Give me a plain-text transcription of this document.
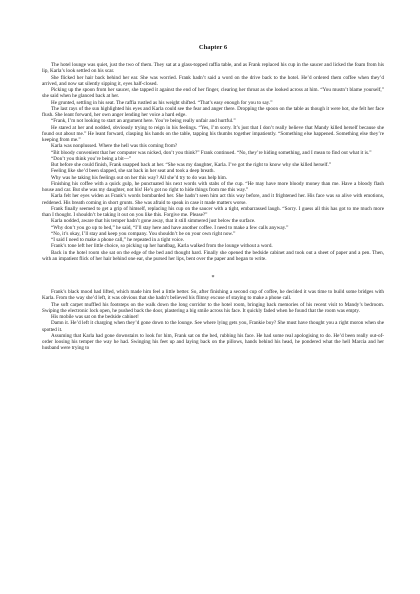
Chapter 6

The hotel lounge was quiet, just the two of them. They sat at a glass-topped raffia table, and as Frank replaced his cup in the saucer and licked the foam from his lip, Karla’s look settled on his scar.

She flicked her hair back behind her ear. She was worried. Frank hadn’t said a word on the drive back to the hotel. He’d ordered them coffee when they’d arrived, and now sat silently sipping it, eyes half-closed.

Picking up the spoon from her saucer, she tapped it against the end of her finger, clearing her throat as she looked across at him. “You mustn’t blame yourself,” she said when he glanced back at her.

He grunted, settling in his seat. The raffia rustled as his weight shifted. “That’s easy enough for you to say.”

The last rays of the sun highlighted his eyes and Karla could see the fear and anger there. Dropping the spoon on the table as though it were hot, she felt her face flush. She leant forward, her own anger lending her voice a hard edge.

“Frank, I’m not looking to start an argument here. You’re being really unfair and hurtful.”

He stared at her and nodded, obviously trying to reign in his feelings. “Yes, I’m sorry. It’s just that I don’t really believe that Mandy killed herself because she found out about me.” He leant forward, clasping his hands on the table, tapping his thumbs together impatiently. “Something else happened. Something else they’re keeping from me.”

Karla was nonplussed. Where the hell was this coming from?

“Bit bloody convenient that her computer was nicked, don’t you think?” Frank continued. “No, they’re hiding something, and I mean to find out what it is.”

“Don’t you think you’re being a bit—”

But before she could finish, Frank snapped back at her. “She was my daughter, Karla. I’ve got the right to know why she killed herself.”

Feeling like she’d been slapped, she sat back in her seat and took a deep breath.

Why was he taking his feelings out on her this way? All she’d try to do was help him.

Finishing his coffee with a quick gulp, he punctuated his next words with stabs of the cup. “He may have more bloody money than me. Have a bloody flash house and car. But she was my daughter, not his! He’s got no right to hide things from me this way.”

Karla felt her eyes widen as Frank’s words bombarded her. She hadn’t seen him act this way before, and it frightened her. His face was so alive with emotions, reddened. His breath coming in short grunts. She was afraid to speak in case it made matters worse.

Frank finally seemed to get a grip of himself, replacing his cup on the saucer with a tight, embarrassed laugh. “Sorry. I guess all this has got to me much more than I thought. I shouldn’t be taking it out on you like this. Forgive me. Please?”

Karla nodded, aware that his temper hadn’t gone away, that it still simmered just below the surface.

“Why don’t you go up to bed,” he said, “I’ll stay here and have another coffee. I need to make a few calls anyway.”

“No, it’s okay, I’ll stay and keep you company. You shouldn’t be on your own right now.”

“I said I need to make a phone call,” he repeated in a tight voice.

Frank’s tone left her little choice, so picking up her handbag, Karla walked from the lounge without a word.

Back in the hotel room she sat on the edge of the bed and thought hard. Finally she opened the bedside cabinet and took out a sheet of paper and a pen. Then, with an impatient flick of her hair behind one ear, she pursed her lips, bent over the paper and began to write.

*

Frank’s black mood had lifted, which made him feel a little better. So, after finishing a second cup of coffee, he decided it was time to build some bridges with Karla. From the way she’d left, it was obvious that she hadn’t believed his flimsy excuse of staying to make a phone call.

The soft carpet muffled his footsteps on the walk down the long corridor to the hotel room, bringing back memories of his recent visit to Mandy’s bedroom. Swiping the electronic lock open, he pushed back the door, plastering a big smile across his face. It quickly faded when he found that the room was empty.

His mobile was sat on the bedside cabinet!

Damn it. He’d left it charging when they’d gone down to the lounge. See where lying gets you, Frankie boy? She must have thought you a right moron when she spotted it.

Assuming that Karla had gone downstairs to look for him, Frank sat on the bed, rubbing his face. He had some real apologising to do. He’d been really out-of-order loosing his temper the way he had. Swinging his feet up and laying back on the pillows, hands behind his head, he pondered what the hell Marcia and her husband were trying to
